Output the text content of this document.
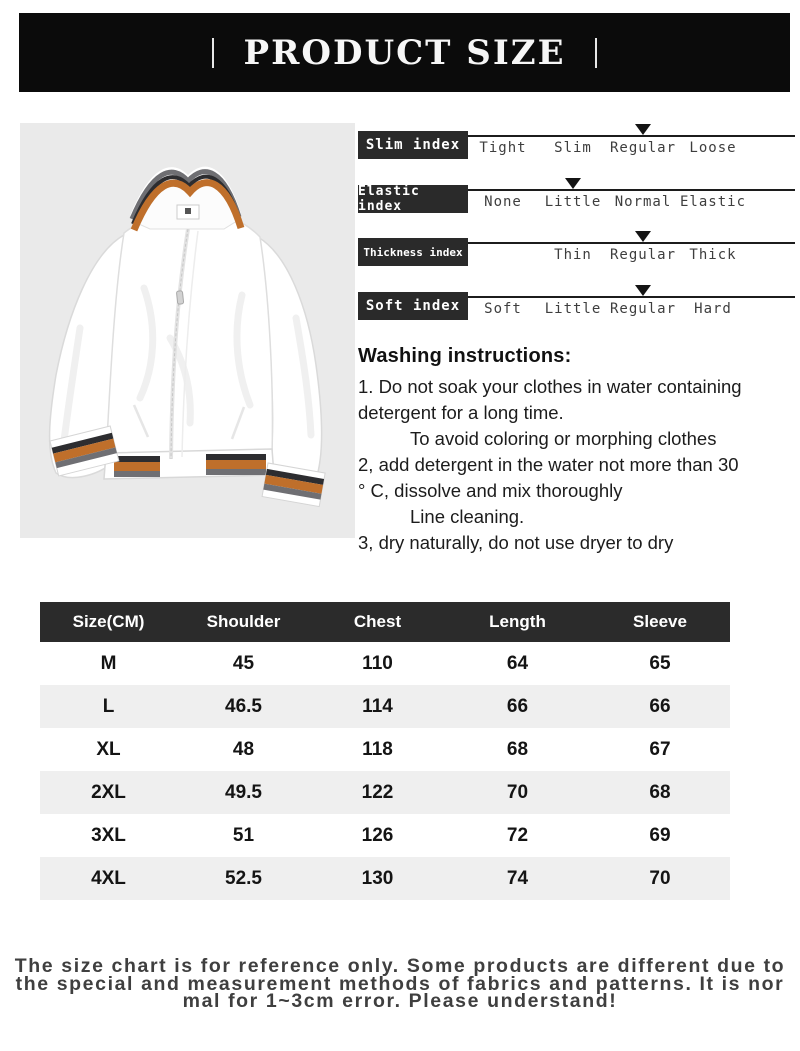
PRODUCT SIZE
Slim index	Tight Slim Regular Loose
Elastic index	None Little Normal Elastic
Thickness index	Thin Regular Thick
Soft index	Soft Little Regular Hard
Washing instructions:
1. Do not soak your clothes in water containing
detergent for a long time.
To avoid coloring or morphing clothes
2, add detergent in the water not more than 30
° C, dissolve and mix thoroughly
Line cleaning.
3, dry naturally, do not use dryer to dry
Size(CM)	Shoulder	Chest	Length	Sleeve
M	45	110	64	65
L	46.5	114	66	66
XL	48	118	68	67
2XL	49.5	122	70	68
3XL	51	126	72	69
4XL	52.5	130	74	70
The size chart is for reference only. Some products are different due to
the special and measurement methods of fabrics and patterns. It is nor
mal for 1~3cm error. Please understand!
